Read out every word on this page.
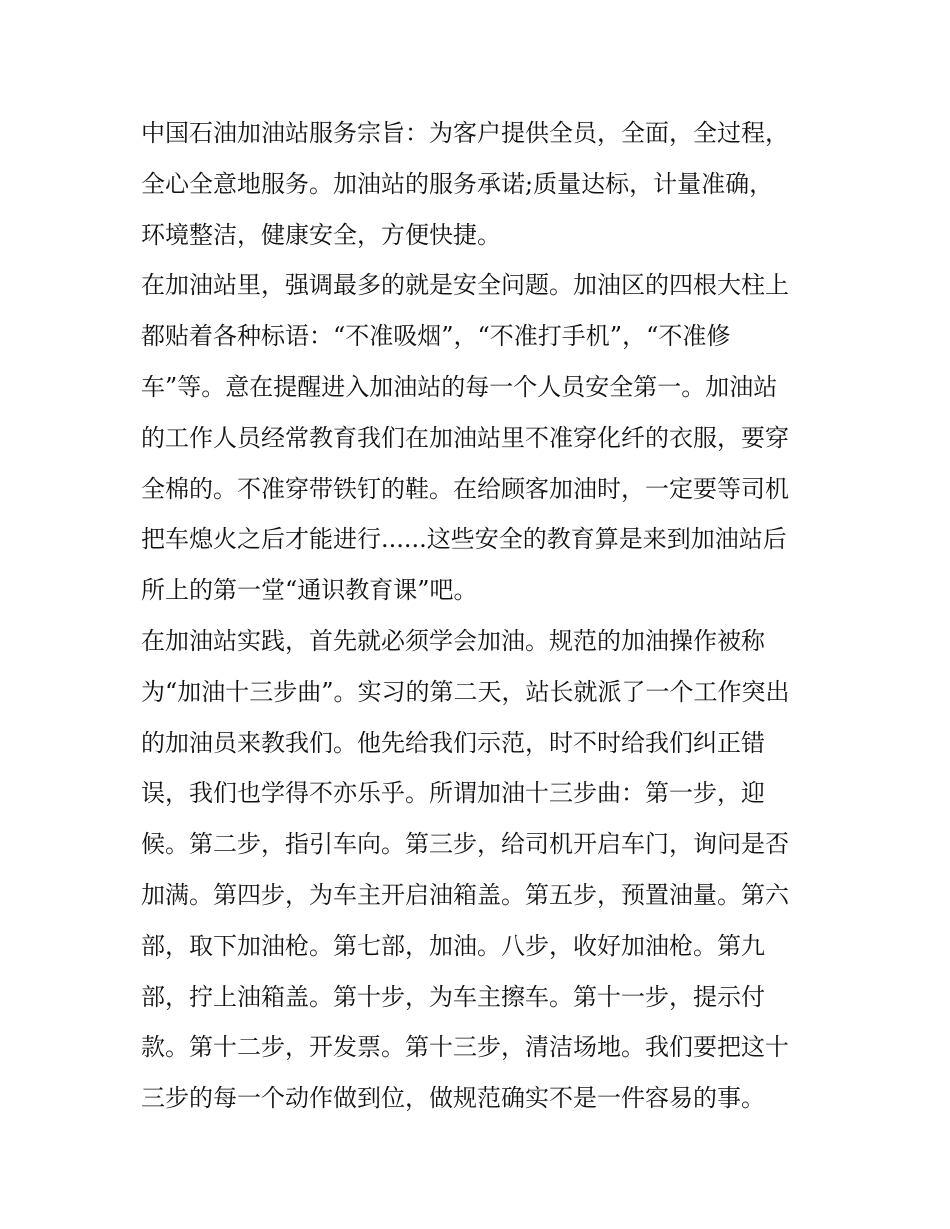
中国石油加油站服务宗旨：为客户提供全员，全面，全过程，
全心全意地服务。加油站的服务承诺;质量达标，计量准确，
环境整洁，健康安全，方便快捷。
在加油站里，强调最多的就是安全问题。加油区的四根大柱上
都贴着各种标语：“不准吸烟”，“不准打手机”，“不准修
车”等。意在提醒进入加油站的每一个人员安全第一。加油站
的工作人员经常教育我们在加油站里不准穿化纤的衣服，要穿
全棉的。不准穿带铁钉的鞋。在给顾客加油时，一定要等司机
把车熄火之后才能进行......这些安全的教育算是来到加油站后
所上的第一堂“通识教育课”吧。
在加油站实践，首先就必须学会加油。规范的加油操作被称
为“加油十三步曲”。实习的第二天，站长就派了一个工作突出
的加油员来教我们。他先给我们示范，时不时给我们纠正错
误，我们也学得不亦乐乎。所谓加油十三步曲：第一步，迎
候。第二步，指引车向。第三步，给司机开启车门，询问是否
加满。第四步，为车主开启油箱盖。第五步，预置油量。第六
部，取下加油枪。第七部，加油。八步，收好加油枪。第九
部，拧上油箱盖。第十步，为车主擦车。第十一步，提示付
款。第十二步，开发票。第十三步，清洁场地。我们要把这十
三步的每一个动作做到位，做规范确实不是一件容易的事。
